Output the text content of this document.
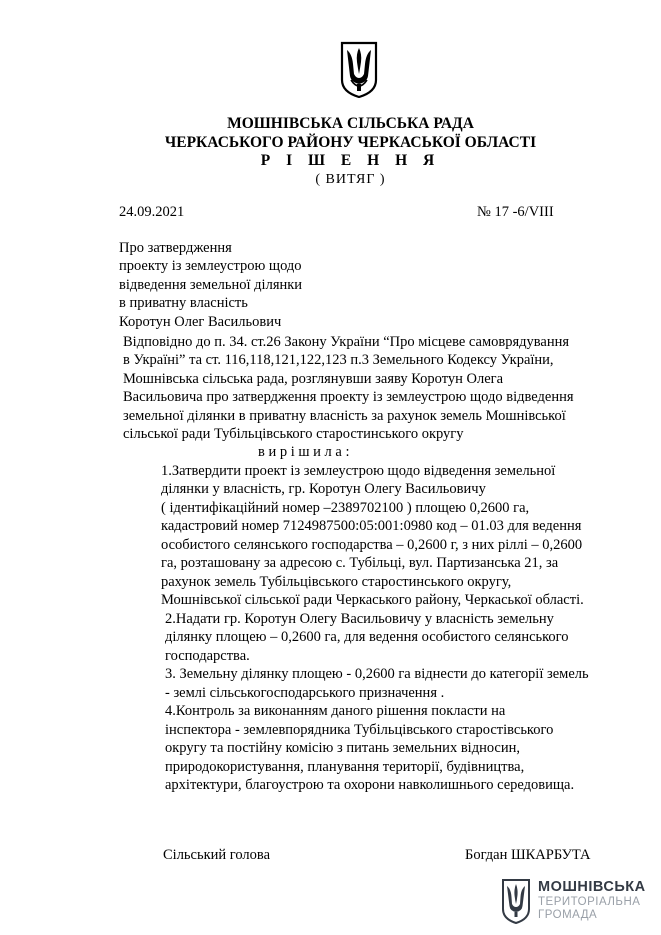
МОШНІВСЬКА СІЛЬСЬКА РАДА
ЧЕРКАСЬКОГО РАЙОНУ ЧЕРКАСЬКОЇ ОБЛАСТІ
Р І Ш Е Н Н Я
( ВИТЯГ )
24.09.2021	№ 17 -6/VIII
Про затвердження
проекту із землеустрою щодо
відведення земельної ділянки
в приватну власність
Коротун Олег Васильович
Відповідно до п. 34. ст.26 Закону України “Про місцеве самоврядування
в Україні” та ст. 116,118,121,122,123 п.3 Земельного Кодексу України,
Мошнівська сільська рада, розглянувши заяву Коротун Олега
Васильовича про затвердження проекту із землеустрою щодо відведення
земельної ділянки в приватну власність за рахунок земель Мошнівської
сільської ради Тубільцівського старостинського округу
в и р і ш и л а :
1.Затвердити проект із землеустрою щодо відведення земельної
ділянки у власність, гр. Коротун Олегу Васильовичу
( ідентифікаційний номер –2389702100 ) площею 0,2600 га,
кадастровий номер 7124987500:05:001:0980 код – 01.03 для ведення
особистого селянського господарства – 0,2600 г, з них ріллі – 0,2600
га, розташовану за адресою с. Тубільці, вул. Партизанська 21, за
рахунок земель Тубільцівського старостинського округу,
Мошнівської сільської ради Черкаського району, Черкаської області.
2.Надати гр. Коротун Олегу Васильовичу у власність земельну
ділянку площею – 0,2600 га, для ведення особистого селянського
господарства.
3. Земельну ділянку площею - 0,2600 га віднести до категорії земель
- землі сільськогосподарського призначення .
4.Контроль за виконанням даного рішення покласти на
інспектора - землевпорядника Тубільцівського старостівського
округу та постійну комісію з питань земельних відносин,
природокористування, планування території, будівництва,
архітектури, благоустрою та охорони навколишнього середовища.
Сільський голова	Богдан ШКАРБУТА
МОШНІВСЬКА
ТЕРИТОРІАЛЬНА
ГРОМАДА
